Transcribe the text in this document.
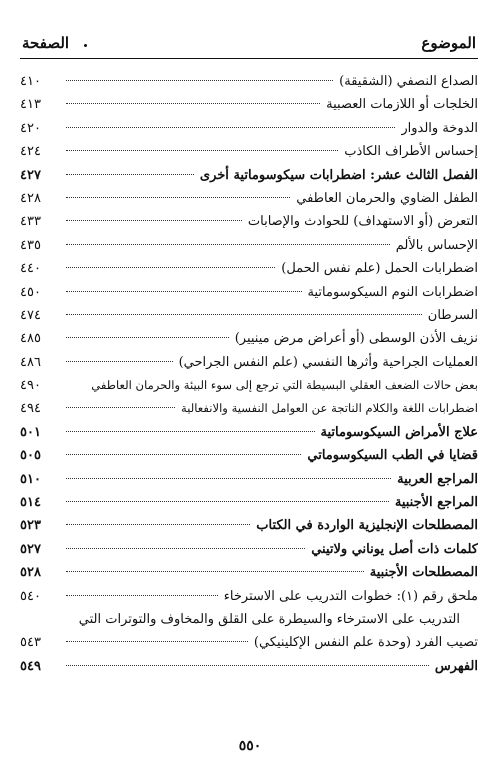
الموضوع
الصفحة
الصداع النصفي (الشقيقة)
٤١٠
الخلجات أو اللازمات العصبية
٤١٣
الدوخة والدوار
٤٢٠
إحساس الأطراف الكاذب
٤٢٤
الفصل الثالث عشر: اضطرابات سيكوسوماتية أخرى
٤٢٧
الطفل الضاوي والحرمان العاطفي
٤٢٨
التعرض (أو الاستهداف) للحوادث والإصابات
٤٣٣
الإحساس بالألم
٤٣٥
اضطرابات الحمل (علم نفس الحمل)
٤٤٠
اضطرابات النوم السيكوسوماتية
٤٥٠
السرطان
٤٧٤
نزيف الأذن الوسطى (أو أعراض مرض مينيير)
٤٨٥
العمليات الجراحية وأثرها النفسي (علم النفس الجراحي)
٤٨٦
بعض حالات الضعف العقلي البسيطة التي ترجع إلى سوء البيئة والحرمان العاطفي
٤٩٠
اضطرابات اللغة والكلام الناتجة عن العوامل النفسية والانفعالية
٤٩٤
علاج الأمراض السيكوسوماتية
٥٠١
قضايا في الطب السيكوسوماتي
٥٠٥
المراجع العربية
٥١٠
المراجع الأجنبية
٥١٤
المصطلحات الإنجليزية الواردة في الكتاب
٥٢٣
كلمات ذات أصل يوناني ولاتيني
٥٢٧
المصطلحات الأجنبية
٥٢٨
ملحق رقم (١): خطوات التدريب على الاسترخاء
٥٤٠
التدريب على الاسترخاء والسيطرة على القلق والمخاوف والتوترات التي
تصيب الفرد (وحدة علم النفس الإكلينيكي)
٥٤٣
الفهرس
٥٤٩
٥٥٠
